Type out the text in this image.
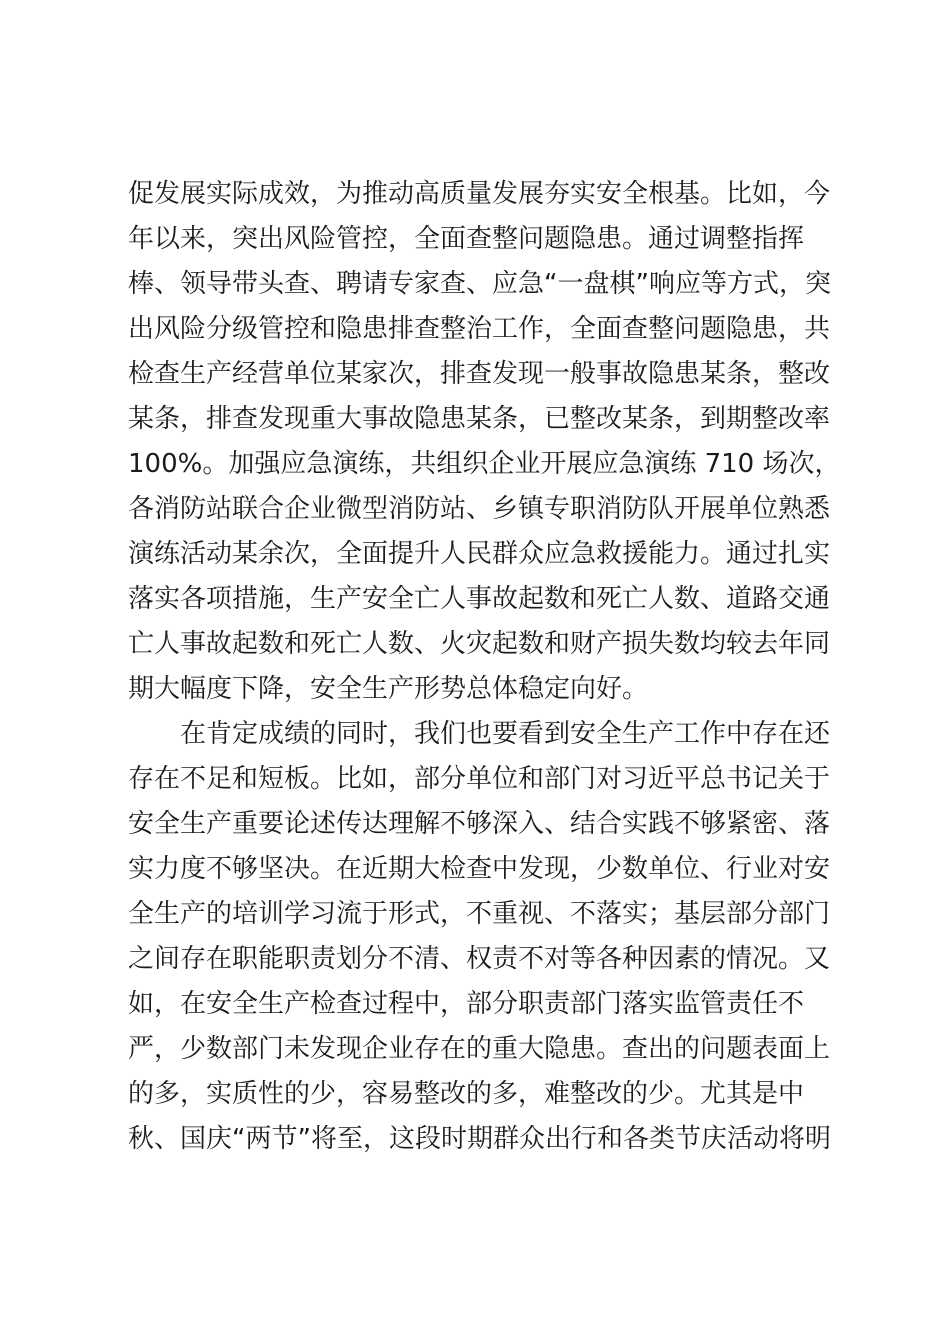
促发展实际成效，为推动高质量发展夯实安全根基。比如，今
年以来，突出风险管控，全面查整问题隐患。通过调整指挥
棒、领导带头查、聘请专家查、应急“一盘棋”响应等方式，突
出风险分级管控和隐患排查整治工作，全面查整问题隐患，共
检查生产经营单位某家次，排查发现一般事故隐患某条，整改
某条，排查发现重大事故隐患某条，已整改某条，到期整改率
100%。加强应急演练，共组织企业开展应急演练 710 场次，
各消防站联合企业微型消防站、乡镇专职消防队开展单位熟悉
演练活动某余次，全面提升人民群众应急救援能力。通过扎实
落实各项措施，生产安全亡人事故起数和死亡人数、道路交通
亡人事故起数和死亡人数、火灾起数和财产损失数均较去年同
期大幅度下降，安全生产形势总体稳定向好。
在肯定成绩的同时，我们也要看到安全生产工作中存在还
存在不足和短板。比如，部分单位和部门对习近平总书记关于
安全生产重要论述传达理解不够深入、结合实践不够紧密、落
实力度不够坚决。在近期大检查中发现，少数单位、行业对安
全生产的培训学习流于形式，不重视、不落实；基层部分部门
之间存在职能职责划分不清、权责不对等各种因素的情况。又
如，在安全生产检查过程中，部分职责部门落实监管责任不
严，少数部门未发现企业存在的重大隐患。查出的问题表面上
的多，实质性的少，容易整改的多，难整改的少。尤其是中
秋、国庆“两节”将至，这段时期群众出行和各类节庆活动将明
